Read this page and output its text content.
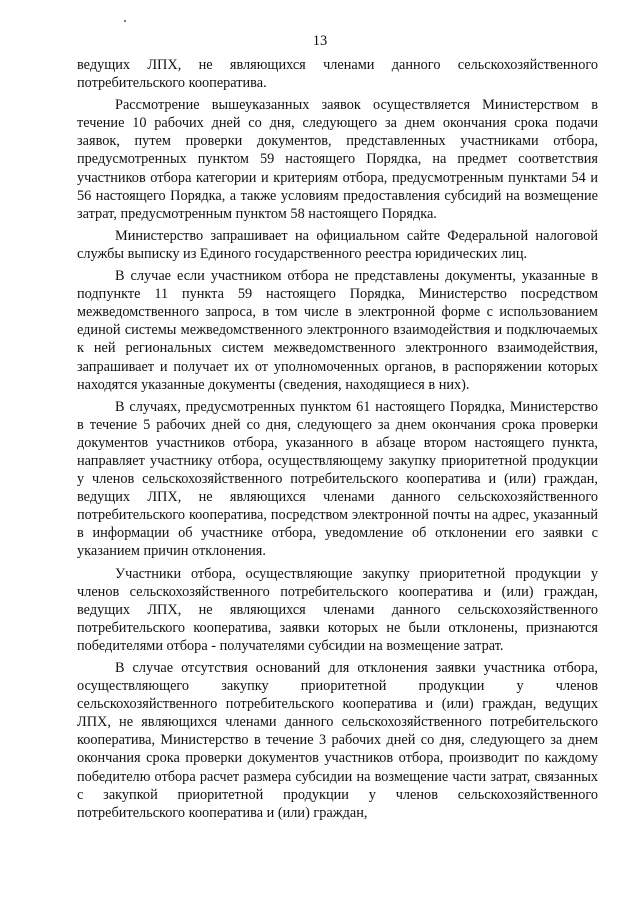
13

ведущих ЛПХ, не являющихся членами данного сельскохозяйственного потребительского кооператива.

Рассмотрение вышеуказанных заявок осуществляется Министерством в течение 10 рабочих дней со дня, следующего за днем окончания срока подачи заявок, путем проверки документов, представленных участниками отбора, предусмотренных пунктом 59 настоящего Порядка, на предмет соответствия участников отбора категории и критериям отбора, предусмотренным пунктами 54 и 56 настоящего Порядка, а также условиям предоставления субсидий на возмещение затрат, предусмотренным пунктом 58 настоящего Порядка.

Министерство запрашивает на официальном сайте Федеральной налоговой службы выписку из Единого государственного реестра юридических лиц.

В случае если участником отбора не представлены документы, указанные в подпункте 11 пункта 59 настоящего Порядка, Министерство посредством межведомственного запроса, в том числе в электронной форме с использованием единой системы межведомственного электронного взаимодействия и подключаемых к ней региональных систем межведомственного электронного взаимодействия, запрашивает и получает их от уполномоченных органов, в распоряжении которых находятся указанные документы (сведения, находящиеся в них).

В случаях, предусмотренных пунктом 61 настоящего Порядка, Министерство в течение 5 рабочих дней со дня, следующего за днем окончания срока проверки документов участников отбора, указанного в абзаце втором настоящего пункта, направляет участнику отбора, осуществляющему закупку приоритетной продукции у членов сельскохозяйственного потребительского кооператива и (или) граждан, ведущих ЛПХ, не являющихся членами данного сельскохозяйственного потребительского кооператива, посредством электронной почты на адрес, указанный в информации об участнике отбора, уведомление об отклонении его заявки с указанием причин отклонения.

Участники отбора, осуществляющие закупку приоритетной продукции у членов сельскохозяйственного потребительского кооператива и (или) граждан, ведущих ЛПХ, не являющихся членами данного сельскохозяйственного потребительского кооператива, заявки которых не были отклонены, признаются победителями отбора - получателями субсидии на возмещение затрат.

В случае отсутствия оснований для отклонения заявки участника отбора, осуществляющего закупку приоритетной продукции у членов сельскохозяйственного потребительского кооператива и (или) граждан, ведущих ЛПХ, не являющихся членами данного сельскохозяйственного потребительского кооператива, Министерство в течение 3 рабочих дней со дня, следующего за днем окончания срока проверки документов участников отбора, производит по каждому победителю отбора расчет размера субсидии на возмещение части затрат, связанных с закупкой приоритетной продукции у членов сельскохозяйственного потребительского кооператива и (или) граждан,
